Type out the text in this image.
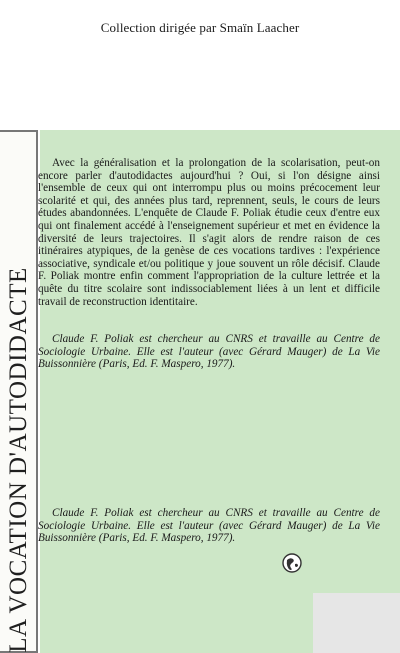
Collection dirigée par Smaïn Laacher
LA VOCATION D'AUTODIDACTE

Avec la généralisation et la prolongation de la scolarisation, peut-on encore parler d'autodidactes aujourd'hui ? Oui, si l'on désigne ainsi l'ensemble de ceux qui ont interrompu plus ou moins précocement leur scolarité et qui, des années plus tard, reprennent, seuls, le cours de leurs études abandonnées. L'enquête de Claude F. Poliak étudie ceux d'entre eux qui ont finalement accédé à l'enseignement supérieur et met en évidence la diversité de leurs trajectoires. Il s'agit alors de rendre raison de ces itinéraires atypiques, de la genèse de ces vocations tardives : l'expérience associative, syndicale et/ou politique y joue souvent un rôle décisif. Claude F. Poliak montre enfin comment l'appropriation de la culture lettrée et la quête du titre scolaire sont indissociablement liées à un lent et difficile travail de reconstruction identitaire.

Claude F. Poliak est chercheur au CNRS et travaille au Centre de Sociologie Urbaine. Elle est l'auteur (avec Gérard Mauger) de La Vie Buissonnière (Paris, Ed. F. Maspero, 1977).

Claude F. Poliak est chercheur au CNRS et travaille au Centre de Sociologie Urbaine. Elle est l'auteur (avec Gérard Mauger) de La Vie Buissonnière (Paris, Ed. F. Maspero, 1977).
